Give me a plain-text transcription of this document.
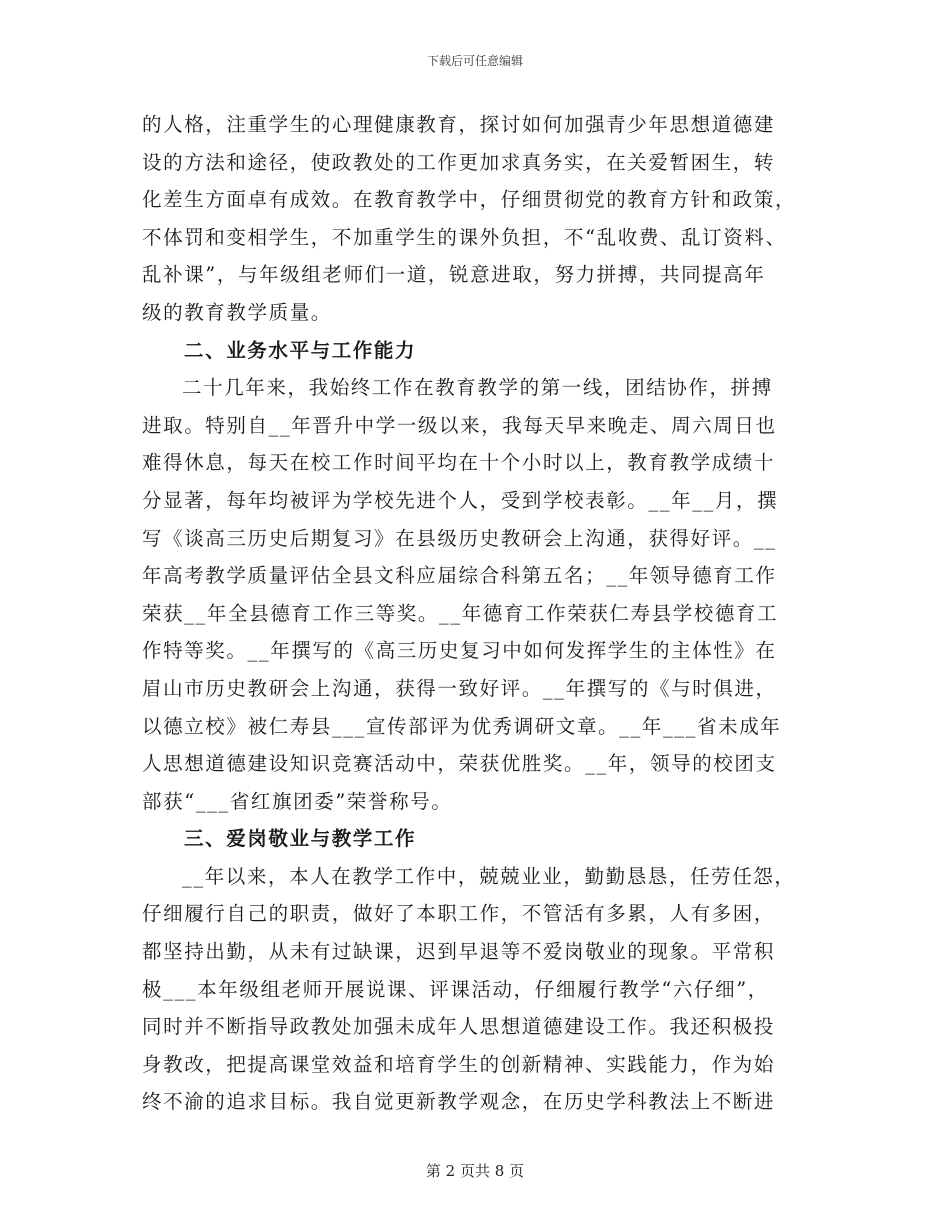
下载后可任意编辑

的人格，注重学生的心理健康教育，探讨如何加强青少年思想道德建

设的方法和途径，使政教处的工作更加求真务实，在关爱暂困生，转

化差生方面卓有成效。在教育教学中，仔细贯彻党的教育方针和政策，

不体罚和变相学生，不加重学生的课外负担，不“乱收费、乱订资料、

乱补课”，与年级组老师们一道，锐意进取，努力拼搏，共同提高年

级的教育教学质量。

二、业务水平与工作能力

二十几年来，我始终工作在教育教学的第一线，团结协作，拼搏

进取。特别自__年晋升中学一级以来，我每天早来晚走、周六周日也

难得休息，每天在校工作时间平均在十个小时以上，教育教学成绩十

分显著，每年均被评为学校先进个人，受到学校表彰。__年__月，撰

写《谈高三历史后期复习》在县级历史教研会上沟通，获得好评。__

年高考教学质量评估全县文科应届综合科第五名；__年领导德育工作

荣获__年全县德育工作三等奖。__年德育工作荣获仁寿县学校德育工

作特等奖。__年撰写的《高三历史复习中如何发挥学生的主体性》在

眉山市历史教研会上沟通，获得一致好评。__年撰写的《与时俱进，

以德立校》被仁寿县___宣传部评为优秀调研文章。__年___省未成年

人思想道德建设知识竞赛活动中，荣获优胜奖。__年，领导的校团支

部获“___省红旗团委”荣誉称号。

三、爱岗敬业与教学工作

__年以来，本人在教学工作中，兢兢业业，勤勤恳恳，任劳任怨，

仔细履行自己的职责，做好了本职工作，不管活有多累，人有多困，

都坚持出勤，从未有过缺课，迟到早退等不爱岗敬业的现象。平常积

极___本年级组老师开展说课、评课活动，仔细履行教学“六仔细”，

同时并不断指导政教处加强未成年人思想道德建设工作。我还积极投

身教改，把提高课堂效益和培育学生的创新精神、实践能力，作为始

终不渝的追求目标。我自觉更新教学观念，在历史学科教法上不断进

第 2 页共 8 页
